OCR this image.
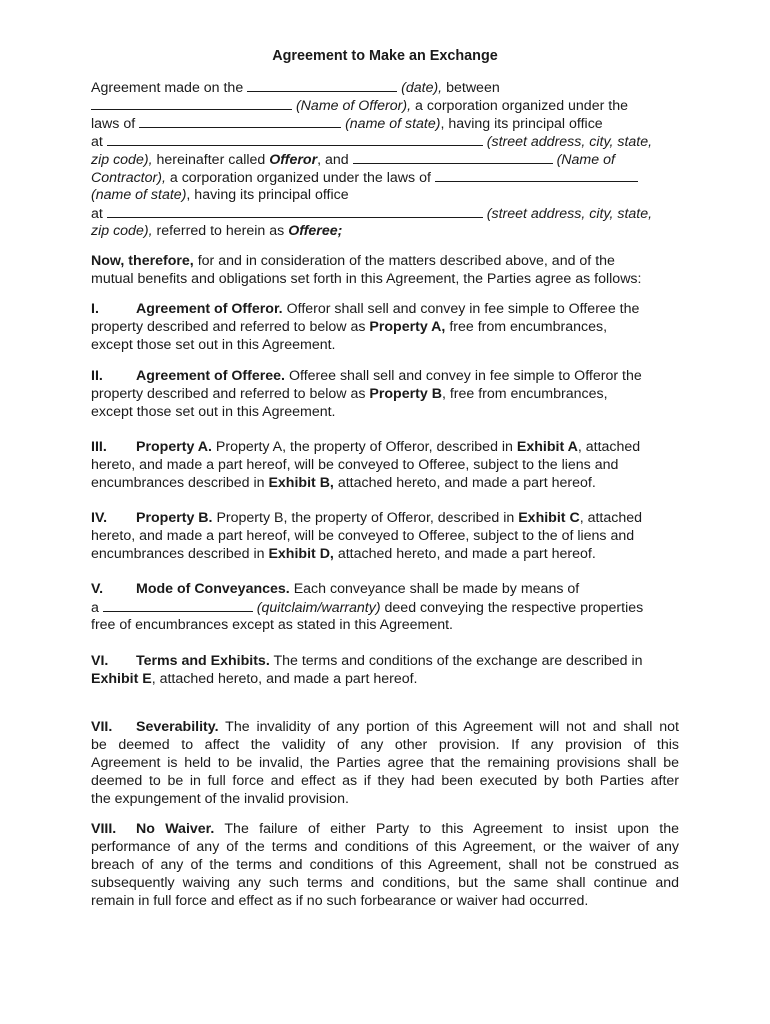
Agreement to Make an Exchange
Agreement made on the	(date), between
(Name of Offeror), a corporation organized under the
laws of	(name of state), having its principal office
at	(street address, city, state,
zip code), hereinafter called Offeror, and	(Name of
Contractor), a corporation organized under the laws of
(name of state), having its principal office
at	(street address, city, state,
zip code), referred to herein as Offeree;
Now, therefore, for and in consideration of the matters described above, and of the
mutual benefits and obligations set forth in this Agreement, the Parties agree as follows:
I.	Agreement of Offeror. Offeror shall sell and convey in fee simple to Offeree the
property described and referred to below as Property A, free from encumbrances,
except those set out in this Agreement.
II. Agreement of Offeree. Offeree shall sell and convey in fee simple to Offeror the
property described and referred to below as Property B, free from encumbrances,
except those set out in this Agreement.
III. Property A. Property A, the property of Offeror, described in Exhibit A, attached
hereto, and made a part hereof, will be conveyed to Offeree, subject to the liens and
encumbrances described in Exhibit B, attached hereto, and made a part hereof.
IV. Property B. Property B, the property of Offeror, described in Exhibit C, attached
hereto, and made a part hereof, will be conveyed to Offeree, subject to the of liens and
encumbrances described in Exhibit D, attached hereto, and made a part hereof.
V. Mode of Conveyances. Each conveyance shall be made by means of
a	(quitclaim/warranty) deed conveying the respective properties
free of encumbrances except as stated in this Agreement.
VI. Terms and Exhibits. The terms and conditions of the exchange are described in
Exhibit E, attached hereto, and made a part hereof.
VII. Severability. The invalidity of any portion of this Agreement will not and shall not
be deemed to affect the validity of any other provision. If any provision of this
Agreement is held to be invalid, the Parties agree that the remaining provisions shall be
deemed to be in full force and effect as if they had been executed by both Parties after
the expungement of the invalid provision.
VIII. No Waiver. The failure of either Party to this Agreement to insist upon the
performance of any of the terms and conditions of this Agreement, or the waiver of any
breach of any of the terms and conditions of this Agreement, shall not be construed as
subsequently waiving any such terms and conditions, but the same shall continue and
remain in full force and effect as if no such forbearance or waiver had occurred.
